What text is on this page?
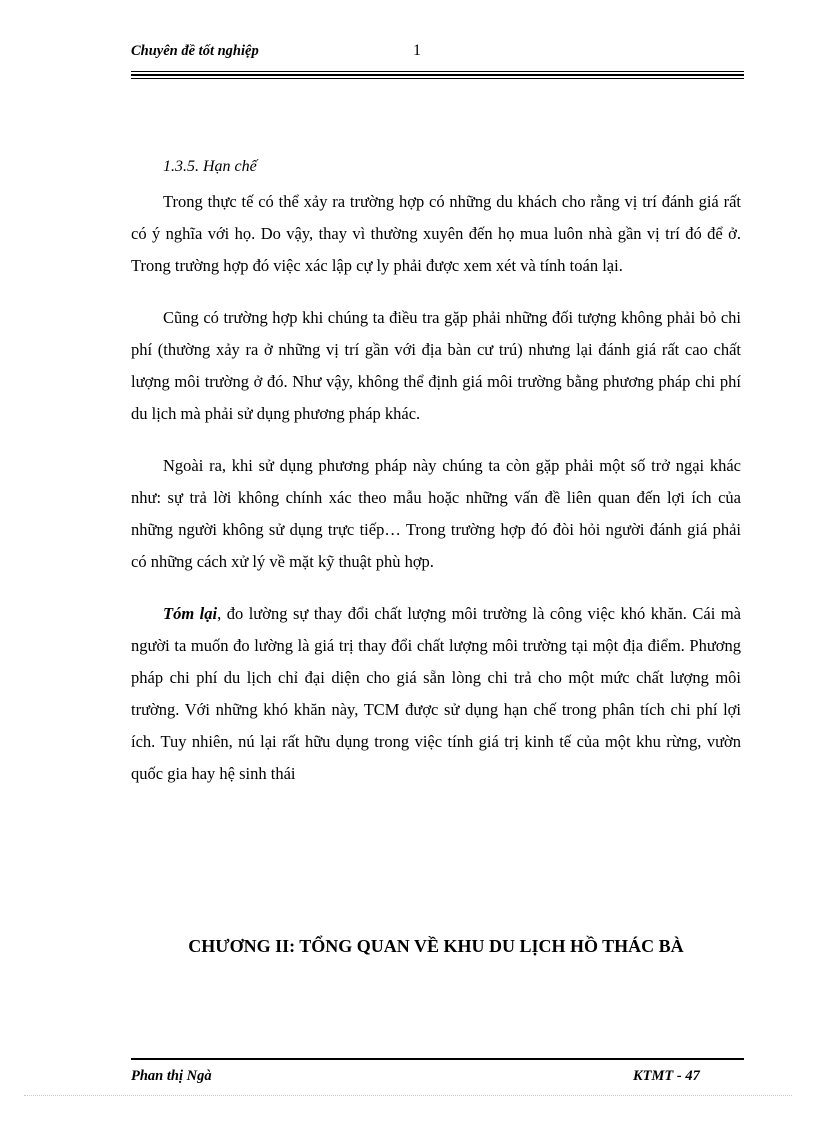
Chuyên đề tốt nghiệp	1
1.3.5. Hạn chế

Trong thực tế có thể xảy ra trường hợp có những du khách cho rằng vị trí đánh giá rất có ý nghĩa với họ. Do vậy, thay vì thường xuyên đến họ mua luôn nhà gần vị trí đó để ở. Trong trường hợp đó việc xác lập cự ly phải được xem xét và tính toán lại.

Cũng có trường hợp khi chúng ta điều tra gặp phải những đối tượng không phải bỏ chi phí (thường xảy ra ở những vị trí gần với địa bàn cư trú) nhưng lại đánh giá rất cao chất lượng môi trường ở đó. Như vậy, không thể định giá môi trường bằng phương pháp chi phí du lịch mà phải sử dụng phương pháp khác.

Ngoài ra, khi sử dụng phương pháp này chúng ta còn gặp phải một số trở ngại khác như: sự trả lời không chính xác theo mẫu hoặc những vấn đề liên quan đến lợi ích của những người không sử dụng trực tiếp… Trong trường hợp đó đòi hỏi người đánh giá phải có những cách xử lý về mặt kỹ thuật phù hợp.

Tóm lại, đo lường sự thay đổi chất lượng môi trường là công việc khó khăn. Cái mà người ta muốn đo lường là giá trị thay đổi chất lượng môi trường tại một địa điểm. Phương pháp chi phí du lịch chỉ đại diện cho giá sẵn lòng chi trả cho một mức chất lượng môi trường. Với những khó khăn này, TCM được sử dụng hạn chế trong phân tích chi phí lợi ích. Tuy nhiên, nú lại rất hữu dụng trong việc tính giá trị kinh tế của một khu rừng, vườn quốc gia hay hệ sinh thái

CHƯƠNG II: TỔNG QUAN VỀ KHU DU LỊCH HỒ THÁC BÀ
Phan thị Ngà	KTMT - 47
